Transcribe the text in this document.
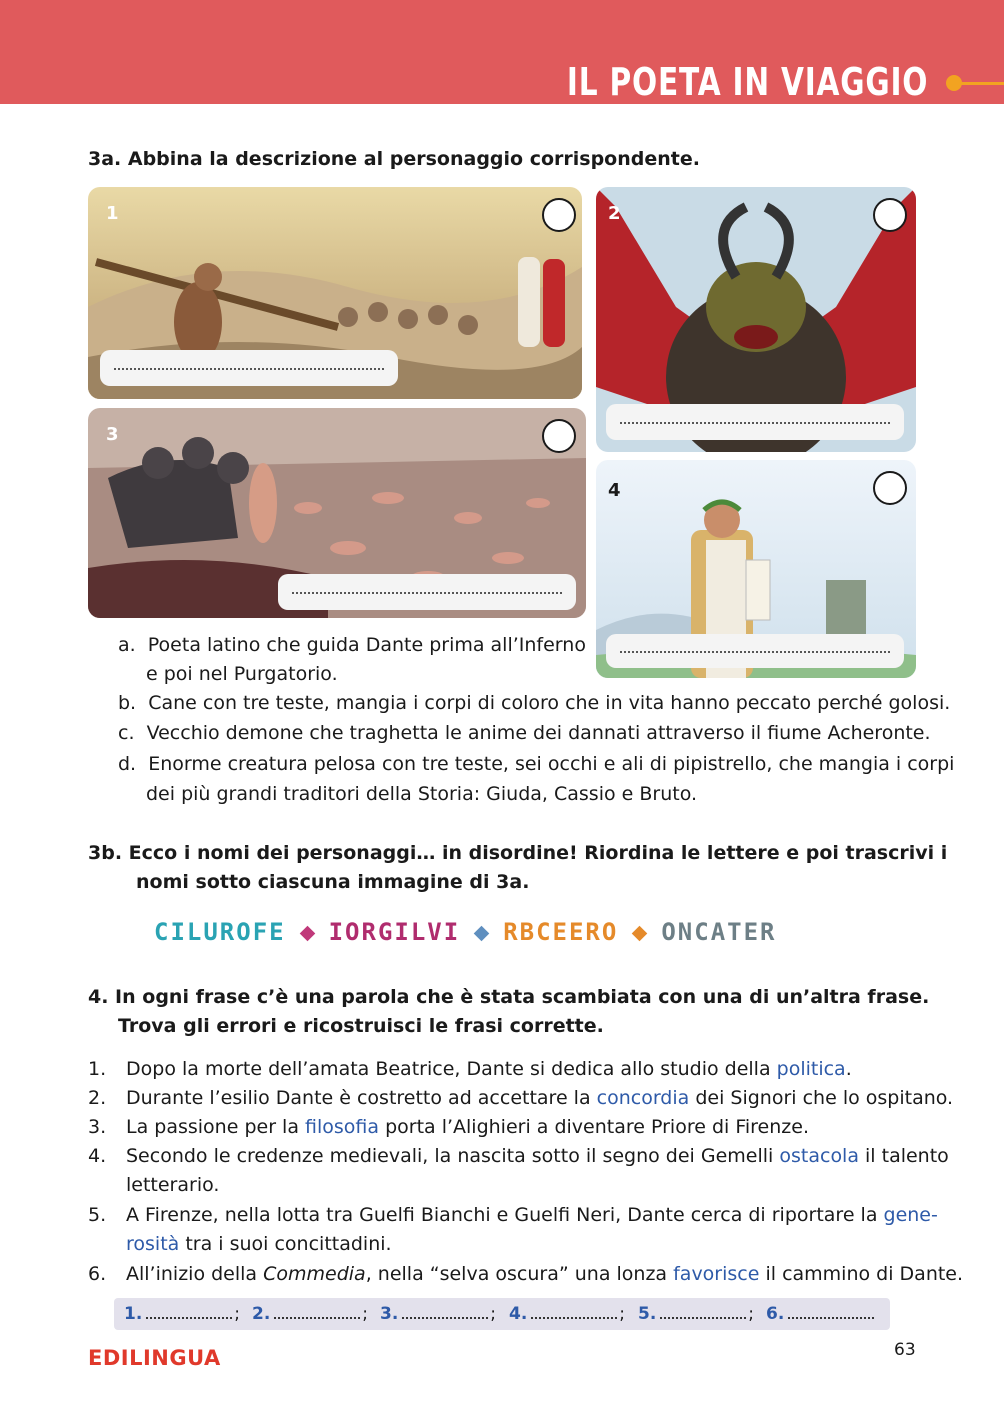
IL POETA IN VIAGGIO
3a. Abbina la descrizione al personaggio corrispondente.
1	2
3
4
a. Poeta latino che guida Dante prima all’Inferno
e poi nel Purgatorio.
b. Cane con tre teste, mangia i corpi di coloro che in vita hanno peccato perché golosi.
c. Vecchio demone che traghetta le anime dei dannati attraverso il fiume Acheronte.
d. Enorme creatura pelosa con tre teste, sei occhi e ali di pipistrello, che mangia i corpi
dei più grandi traditori della Storia: Giuda, Cassio e Bruto.
3b. Ecco i nomi dei personaggi… in disordine! Riordina le lettere e poi trascrivi i
nomi sotto ciascuna immagine di 3a.
CILUROFE IORGILVI RBCEERO ONCATER
4. In ogni frase c’è una parola che è stata scambiata con una di un’altra frase.
Trova gli errori e ricostruisci le frasi corrette.
1. Dopo la morte dell’amata Beatrice, Dante si dedica allo studio della politica.
2. Durante l’esilio Dante è costretto ad accettare la concordia dei Signori che lo ospitano.
3. La passione per la filosofia porta l’Alighieri a diventare Priore di Firenze.
4. Secondo le credenze medievali, la nascita sotto il segno dei Gemelli ostacola il talento
letterario.
5. A Firenze, nella lotta tra Guelfi Bianchi e Guelfi Neri, Dante cerca di riportare la gene-
rosità tra i suoi concittadini.
6. All’inizio della Commedia, nella “selva oscura” una lonza favorisce il cammino di Dante.
1.	; 2.	; 3.	; 4.	; 5.	; 6.
EDILINGUA	63
